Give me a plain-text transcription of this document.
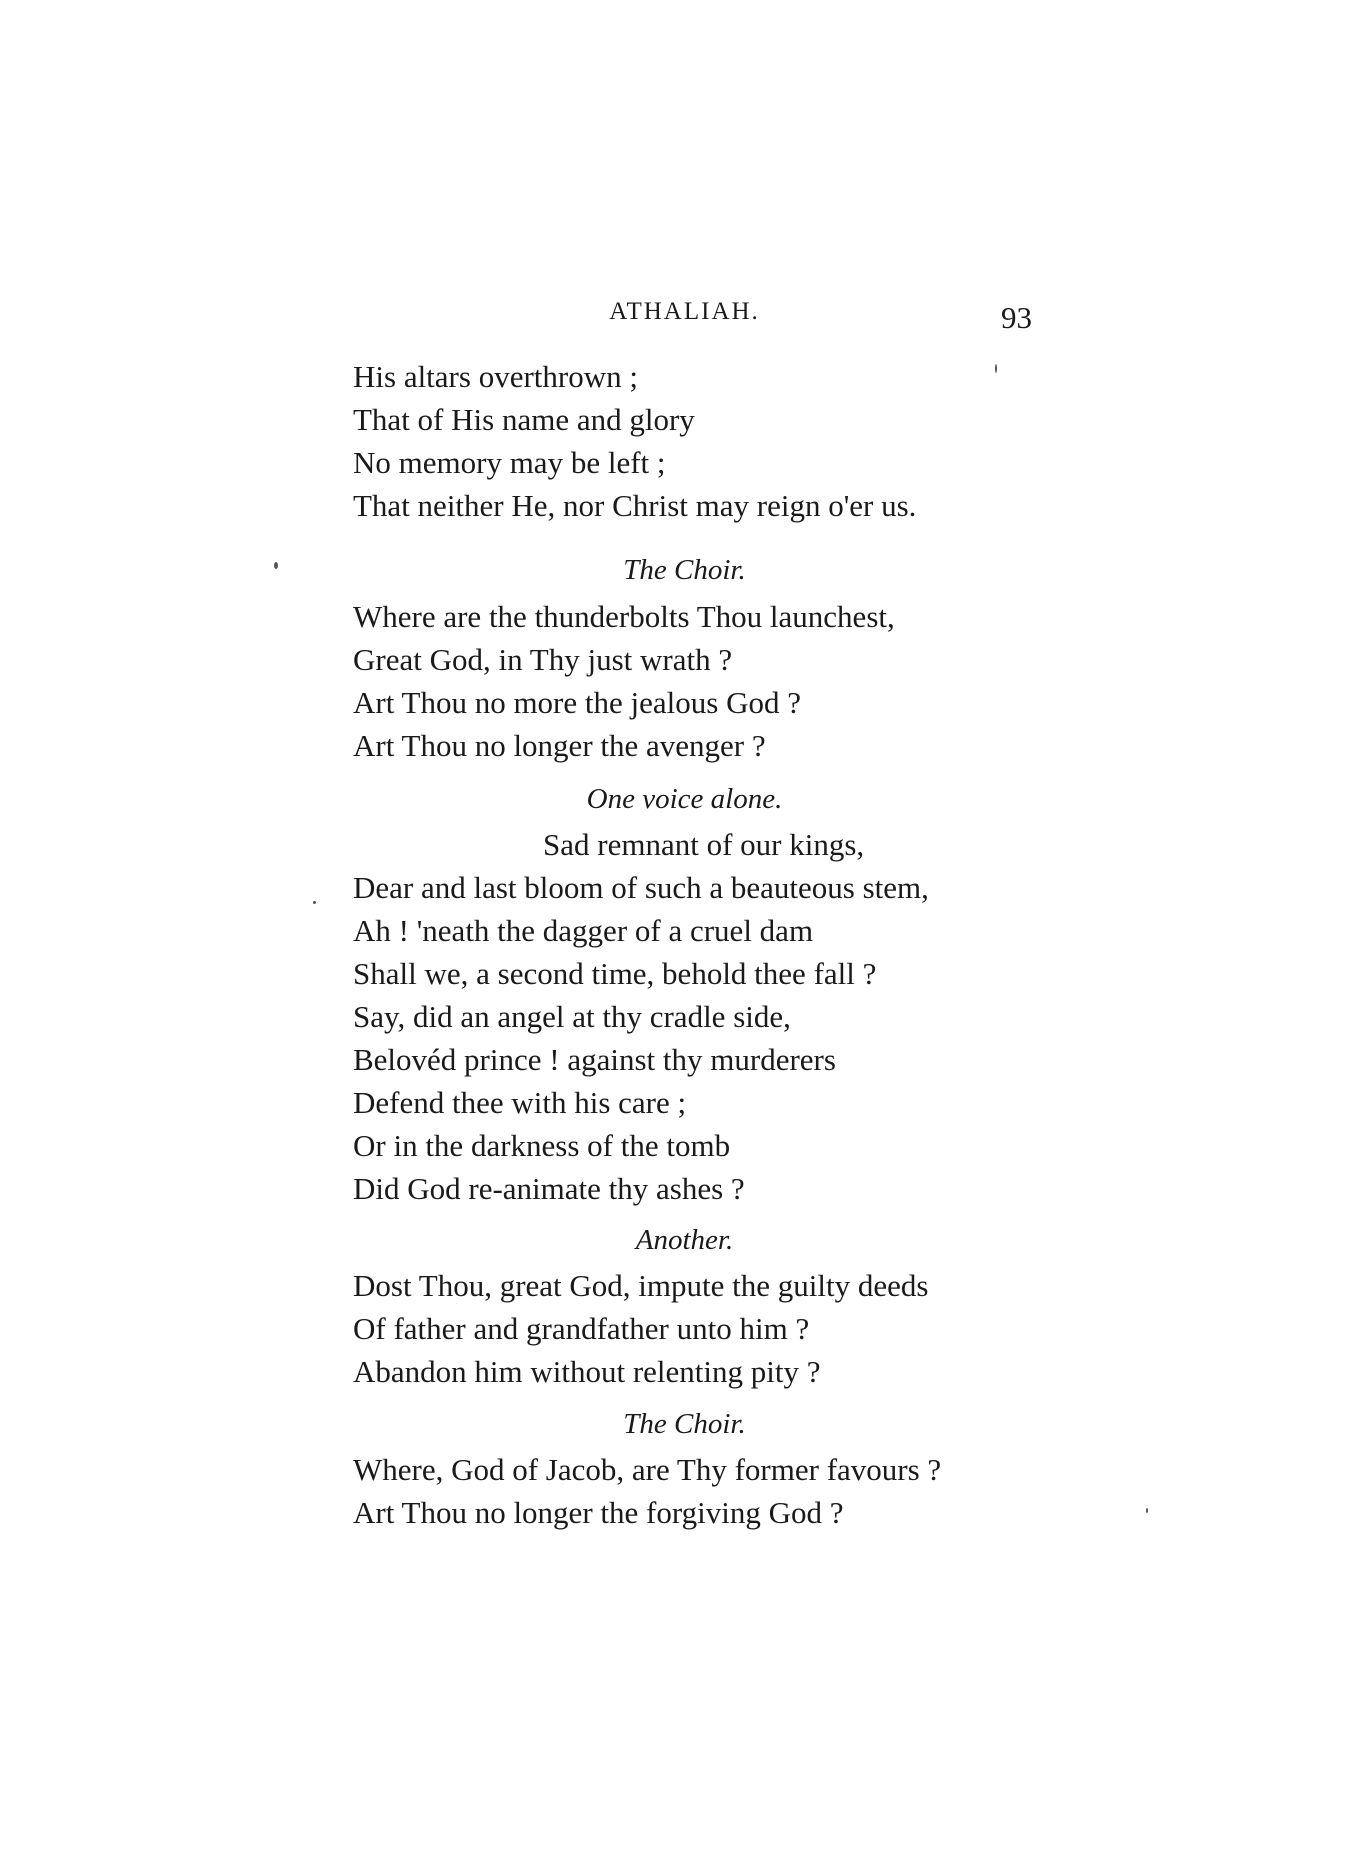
ATHALIAH.	93
His altars overthrown ;
That of His name and glory
No memory may be left ;
That neither He, nor Christ may reign o'er us.
The Choir.
Where are the thunderbolts Thou launchest,
Great God, in Thy just wrath ?
Art Thou no more the jealous God ?
Art Thou no longer the avenger ?
One voice alone.
Sad remnant of our kings,
Dear and last bloom of such a beauteous stem,
Ah ! 'neath the dagger of a cruel dam
Shall we, a second time, behold thee fall ?
Say, did an angel at thy cradle side,
Belovéd prince ! against thy murderers
Defend thee with his care ;
Or in the darkness of the tomb
Did God re-animate thy ashes ?
Another.
Dost Thou, great God, impute the guilty deeds
Of father and grandfather unto him ?
Abandon him without relenting pity ?
The Choir.
Where, God of Jacob, are Thy former favours ?
Art Thou no longer the forgiving God ?
